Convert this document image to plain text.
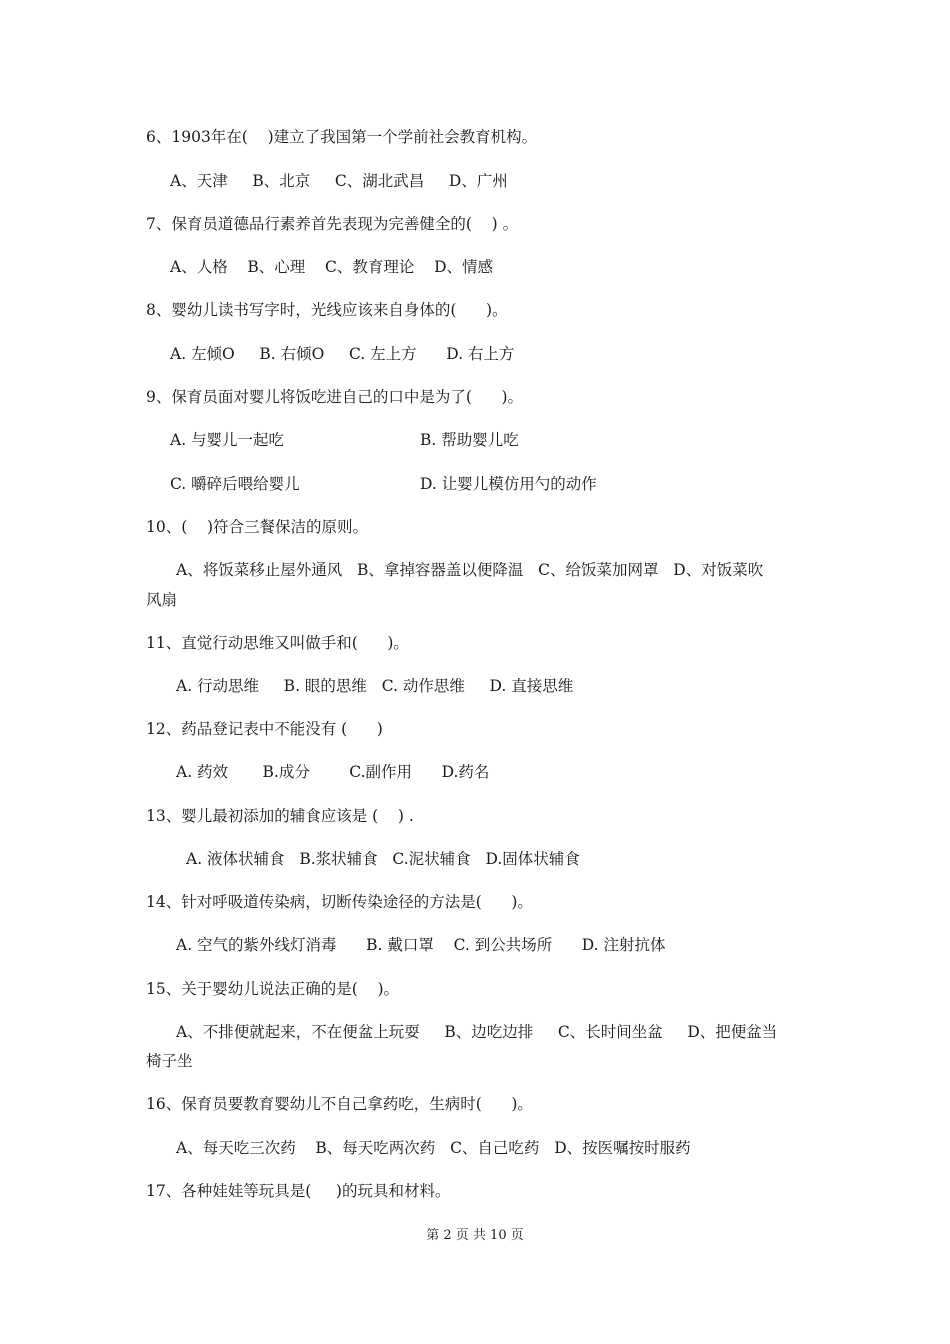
6、1903年在(    )建立了我国第一个学前社会教育机构。
A、天津     B、北京     C、湖北武昌     D、广州
7、保育员道德品行素养首先表现为完善健全的(    ) 。
A、人格    B、心理    C、教育理论    D、情感
8、婴幼儿读书写字时，光线应该来自身体的(      )。
A. 左倾O     B. 右倾O     C. 左上方      D. 右上方
9、保育员面对婴儿将饭吃进自己的口中是为了(      )。
A. 与婴儿一起吃	B. 帮助婴儿吃
C. 嚼碎后喂给婴儿	D. 让婴儿模仿用勺的动作
10、(    )符合三餐保洁的原则。
A、将饭菜移止屋外通风   B、拿掉容器盖以便降温   C、给饭菜加网罩   D、对饭菜吹
风扇
11、直觉行动思维又叫做手和(      )。
A. 行动思维     B. 眼的思维   C. 动作思维     D. 直接思维
12、药品登记表中不能没有 (      )
A. 药效       B.成分        C.副作用      D.药名
13、婴儿最初添加的辅食应该是 (    ) .
A. 液体状辅食   B.浆状辅食   C.泥状辅食   D.固体状辅食
14、针对呼吸道传染病，切断传染途径的方法是(      )。
A. 空气的紫外线灯消毒      B. 戴口罩    C. 到公共场所      D. 注射抗体
15、关于婴幼儿说法正确的是(    )。
A、不排便就起来，不在便盆上玩耍     B、边吃边排     C、长时间坐盆     D、把便盆当
椅子坐
16、保育员要教育婴幼儿不自己拿药吃，生病时(      )。
A、每天吃三次药    B、每天吃两次药   C、自己吃药   D、按医嘱按时服药
17、各种娃娃等玩具是(     )的玩具和材料。
第 2 页 共 10 页
